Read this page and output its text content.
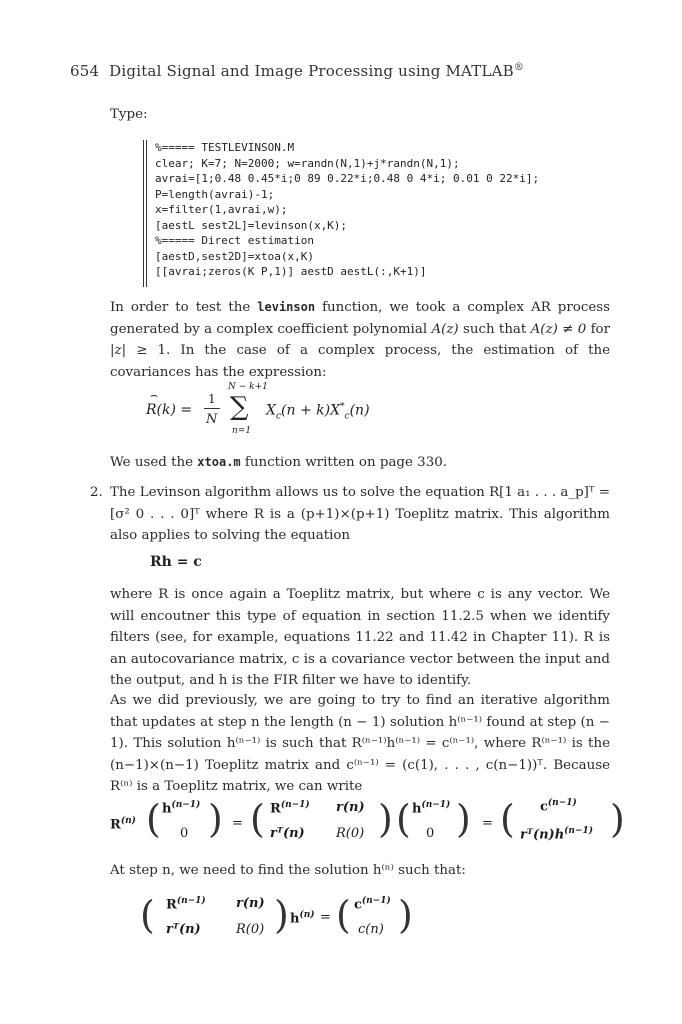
654 Digital Signal and Image Processing using MATLAB®
Type:
%===== TESTLEVINSON.M
clear; K=7; N=2000; w=randn(N,1)+j*randn(N,1);
avrai=[1;0.48 0.45*i;0 89 0.22*i;0.48 0 4*i; 0.01 0 22*i];
P=length(avrai)-1;
x=filter(1,avrai,w);
[aestL sest2L]=levinson(x,K);
%===== Direct estimation
[aestD,sest2D]=xtoa(x,K)
[[avrai;zeros(K P,1)] aestD aestL(:,K+1)]
In order to test the levinson function, we took a complex AR process generated by a complex coefficient polynomial A(z) such that A(z) ≠ 0 for |z| ≥ 1. In the case of a complex process, the estimation of the covariances has the expression:
R(k) =
⌢	1
N
N − k+1
∑
n=1
$X_c(n + k)X^*_c(n)$
We used the xtoa.m function written on page 330.
2. The Levinson algorithm allows us to solve the equation R[1 a₁ . . . a_p]ᵀ = [σ² 0 . . . 0]ᵀ where R is a (p+1)×(p+1) Toeplitz matrix. This algorithm also applies to solving the equation
Rh = c
where R is once again a Toeplitz matrix, but where c is any vector. We will encoutner this type of equation in section 11.2.5 when we identify filters (see, for example, equations 11.22 and 11.42 in Chapter 11). R is an autocovariance matrix, c is a covariance vector between the input and the output, and h is the FIR filter we have to identify.
As we did previously, we are going to try to find an iterative algorithm that updates at step n the length (n − 1) solution h⁽ⁿ⁻¹⁾ found at step (n − 1). This solution h⁽ⁿ⁻¹⁾ is such that R⁽ⁿ⁻¹⁾h⁽ⁿ⁻¹⁾ = c⁽ⁿ⁻¹⁾, where R⁽ⁿ⁻¹⁾ is the (n−1)×(n−1) Toeplitz matrix and c⁽ⁿ⁻¹⁾ = (c(1), . . . , c(n−1))ᵀ. Because R⁽ⁿ⁾ is a Toeplitz matrix, we can write
$R^{(n)}$ ( $h^{(n-1)}$
0 ) = ( $R^{(n-1)}$ r(n)
rᵀ(n) R(0) ) ( $h^{(n-1)}$
0 ) = ( $c^{(n-1)}$
$rᵀ(n)h^{(n-1)}$ )
At step n, we need to find the solution h⁽ⁿ⁾ such that:
( $R^{(n-1)}$ r(n)
rᵀ(n)	R(0) ) $h^{(n)}$ = ( $c^{(n-1)}$
c(n) )
